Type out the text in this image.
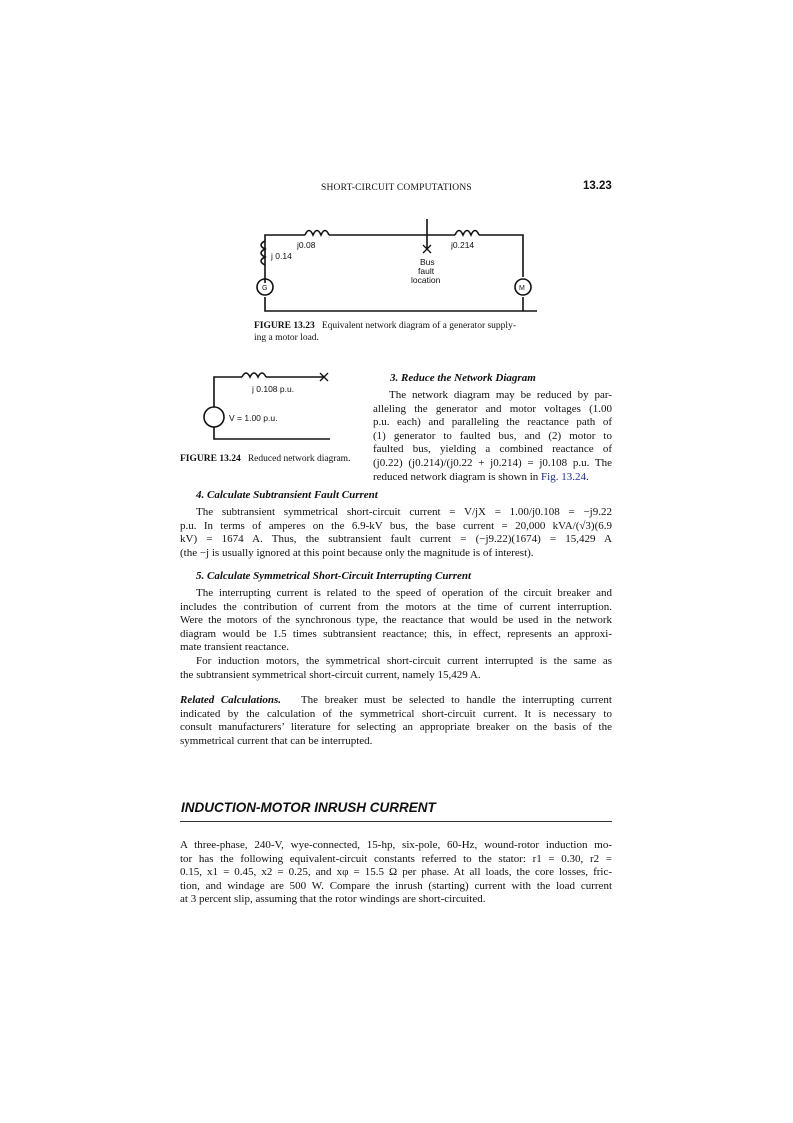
SHORT-CIRCUIT COMPUTATIONS	13.23
j0.08	j0.214
j 0.14
G	M
Bus
fault
location
FIGURE 13.23 Equivalent network diagram of a generator supply-
ing a motor load.
j 0.108 p.u.
V = 1.00 p.u.
FIGURE 13.24 Reduced network diagram.
3. Reduce the Network Diagram

The network diagram may be reduced by par-

alleling the generator and motor voltages (1.00

p.u. each) and paralleling the reactance path of

(1) generator to faulted bus, and (2) motor to

faulted bus, yielding a combined reactance of

(j0.22) (j0.214)/(j0.22 + j0.214) = j0.108 p.u. The

reduced network diagram is shown in Fig. 13.24.

4. Calculate Subtransient Fault Current

The subtransient symmetrical short-circuit current = V/jX = 1.00/j0.108 = −j9.22

p.u. In terms of amperes on the 6.9-kV bus, the base current = 20,000 kVA/(√3)(6.9

kV) = 1674 A. Thus, the subtransient fault current = (−j9.22)(1674) = 15,429 A

(the −j is usually ignored at this point because only the magnitude is of interest).

5. Calculate Symmetrical Short-Circuit Interrupting Current

The interrupting current is related to the speed of operation of the circuit breaker and

includes the contribution of current from the motors at the time of current interruption.

Were the motors of the synchronous type, the reactance that would be used in the network

diagram would be 1.5 times subtransient reactance; this, in effect, represents an approxi-

mate transient reactance.

For induction motors, the symmetrical short-circuit current interrupted is the same as

the subtransient symmetrical short-circuit current, namely 15,429 A.

Related Calculations. The breaker must be selected to handle the interrupting current

indicated by the calculation of the symmetrical short-circuit current. It is necessary to

consult manufacturers’ literature for selecting an appropriate breaker on the basis of the

symmetrical current that can be interrupted.

INDUCTION-MOTOR INRUSH CURRENT

A three-phase, 240-V, wye-connected, 15-hp, six-pole, 60-Hz, wound-rotor induction mo-

tor has the following equivalent-circuit constants referred to the stator: r1 = 0.30, r2 =

0.15, x1 = 0.45, x2 = 0.25, and xφ = 15.5 Ω per phase. At all loads, the core losses, fric-

tion, and windage are 500 W. Compare the inrush (starting) current with the load current

at 3 percent slip, assuming that the rotor windings are short-circuited.
